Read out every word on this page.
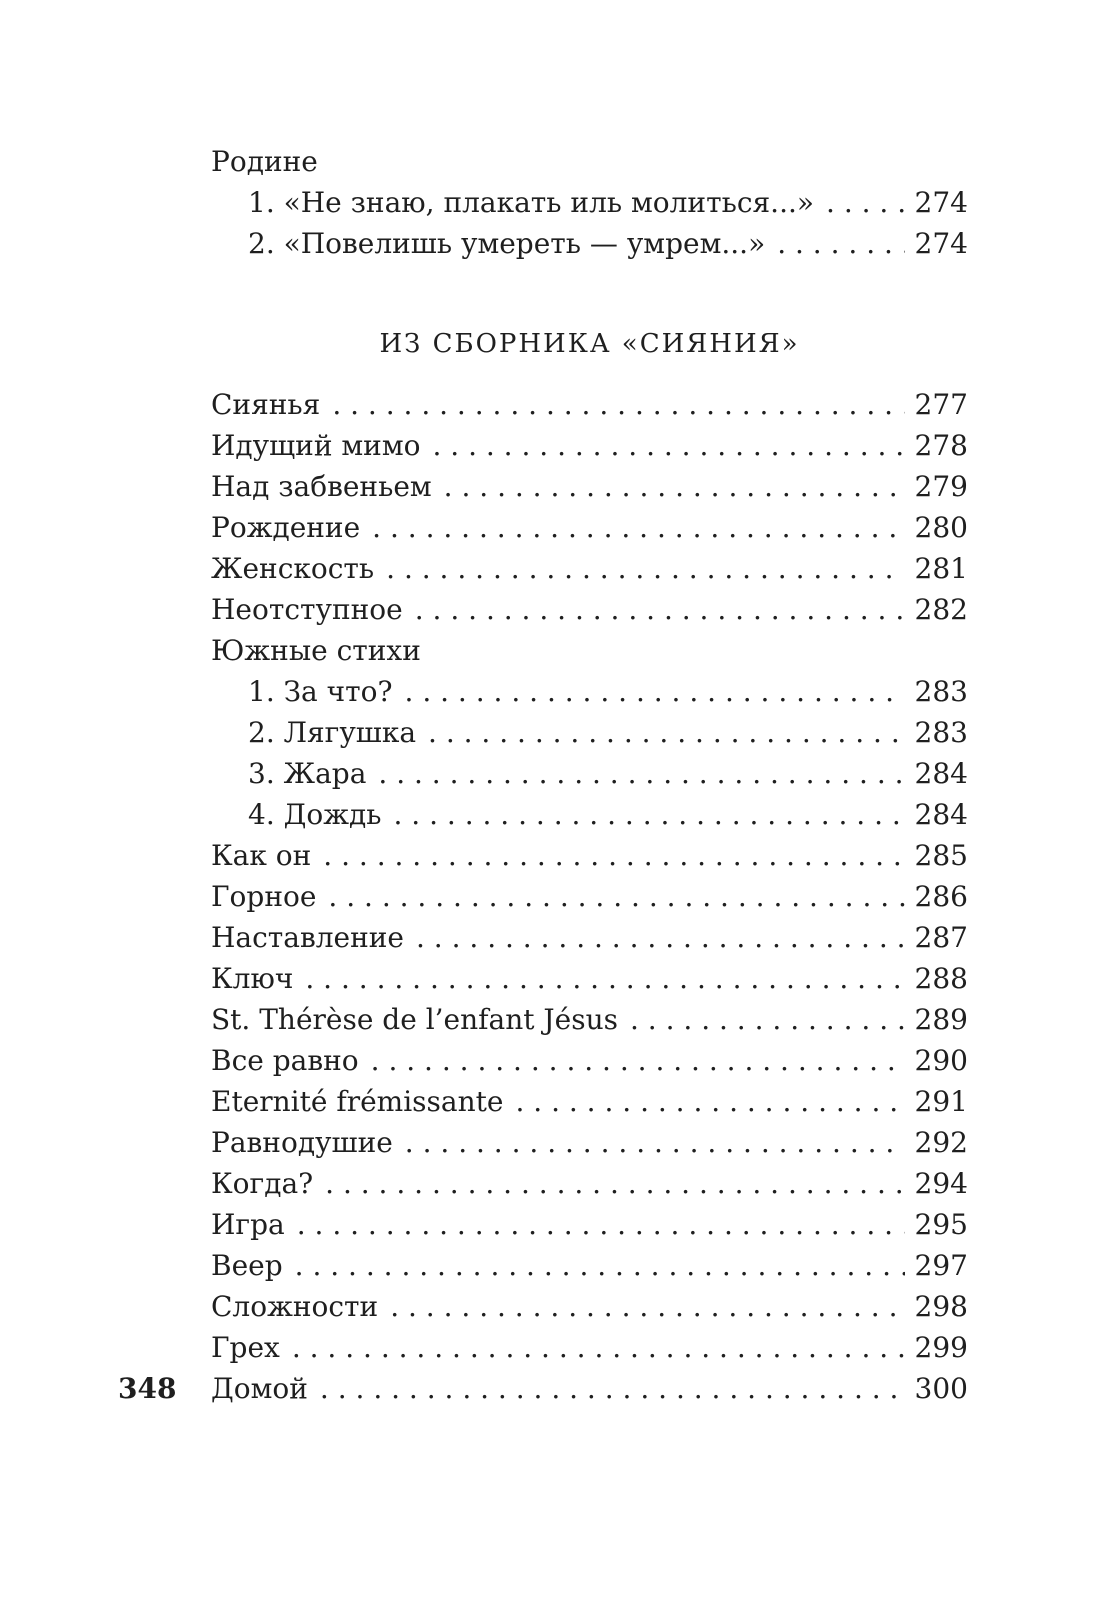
Родине
1. «Не знаю, плакать иль молиться...» . . .	274
2. «Повелишь умереть — умрем...» . . .	274
ИЗ СБОРНИКА «СИЯНИЯ»
Сиянья . . .	277
Идущий мимо . . .	278
Над забвеньем . . .	279
Рождение . . .	280
Женскость . . .	281
Неотступное . . .	282
Южные стихи
1. За что? . . .	283
2. Лягушка . . .	283
3. Жара . . .	284
4. Дождь . . .	284
Как он . . .	285
Горное . . .	286
Наставление . . .	287
Ключ . . .	288
St. Thérèse de l’enfant Jésus . . .	289
Все равно . . .	290
Eternité frémissante . . .	291
Равнодушие . . .	292
Когда? . . .	294
Игра . . .	295
Веер . . .	297
Сложности . . .	298
Грех . . .	299
Домой . . .	300
348
